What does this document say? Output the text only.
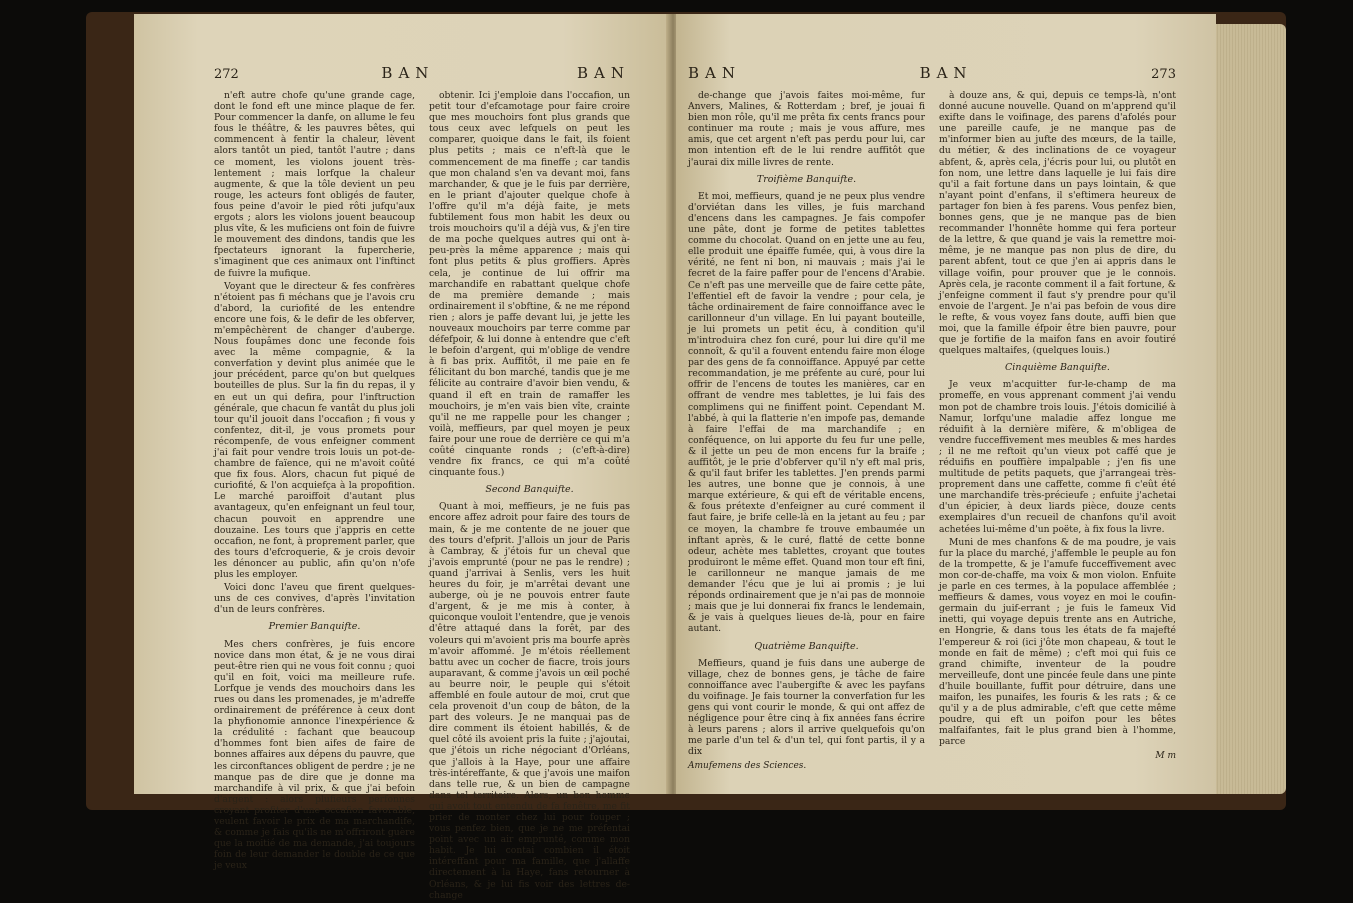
272	BAN	BAN

n'eft autre chofe qu'une grande cage, dont le fond eft une mince plaque de fer. Pour commencer la danfe, on allume le feu fous le théâtre, & les pauvres bêtes, qui commencent à fentir la chaleur, lèvent alors tantôt un pied, tantôt l'autre ; dans ce moment, les violons jouent très-lentement ; mais lorfque la chaleur augmente, & que la tôle devient un peu rouge, les acteurs font obligés de fauter, fous peine d'avoir le pied rôti jufqu'aux ergots ; alors les violons jouent beaucoup plus vîte, & les muficiens ont foin de fuivre le mouvement des dindons, tandis que les fpectateurs ignorant la fupercherie, s'imaginent que ces animaux ont l'inftinct de fuivre la mufique.

Voyant que le directeur & fes confrères n'étoient pas fi méchans que je l'avois cru d'abord, la curiofité de les entendre encore une fois, & le defir de les obferver, m'empêchèrent de changer d'auberge. Nous foupâmes donc une feconde fois avec la même compagnie, & la converfation y devint plus animée que le jour précédent, parce qu'on but quelques bouteilles de plus. Sur la fin du repas, il y en eut un qui defira, pour l'inftruction générale, que chacun fe vantât du plus joli tour qu'il jouoit dans l'occafion ; fi vous y confentez, dit-il, je vous promets pour récompenfe, de vous enfeigner comment j'ai fait pour vendre trois louis un pot-de-chambre de faïence, qui ne m'avoit coûté que fix fous. Alors, chacun fut piqué de curiofité, & l'on acquiefça à la propofition. Le marché paroiffoit d'autant plus avantageux, qu'en enfeignant un feul tour, chacun pouvoit en apprendre une douzaine. Les tours que j'appris en cette occafion, ne font, à proprement parler, que des tours d'efcroquerie, & je crois devoir les dénoncer au public, afin qu'on n'ofe plus les employer.

Voici donc l'aveu que firent quelques-uns de ces convives, d'après l'invitation d'un de leurs confrères.

Premier Banquifte.

Mes chers confrères, je fuis encore novice dans mon état, & je ne vous dirai peut-être rien qui ne vous foit connu ; quoi qu'il en foit, voici ma meilleure rufe. Lorfque je vends des mouchoirs dans les rues ou dans les promenades, je m'adreffe ordinairement de préférence à ceux dont la phyfionomie annonce l'inexpérience & la crédulité : fachant que beaucoup d'hommes font bien aifes de faire de bonnes affaires aux dépens du pauvre, que les circonftances obligent de perdre ; je ne manque pas de dire que je donne ma marchandife à vil prix, & que j'ai befoin d'argent : alors plufieurs perfonnes croyant profiter d'une occafion favorable, veulent favoir le prix de ma marchandife, & comme je fais qu'ils ne m'offriront guère que la moitié de ma demande, j'ai toujours foin de leur demander le double de ce que je veux

obtenir. Ici j'emploie dans l'occafion, un petit tour d'efcamotage pour faire croire que mes mouchoirs font plus grands que tous ceux avec lefquels on peut les comparer, quoique dans le fait, ils foient plus petits ; mais ce n'eft-là que le commencement de ma fineffe ; car tandis que mon chaland s'en va devant moi, fans marchander, & que je le fuis par derrière, en le priant d'ajouter quelque chofe à l'offre qu'il m'a déjà faite, je mets fubtilement fous mon habit les deux ou trois mouchoirs qu'il a déjà vus, & j'en tire de ma poche quelques autres qui ont à-peu-près la même apparence ; mais qui font plus petits & plus groffiers. Après cela, je continue de lui offrir ma marchandife en rabattant quelque chofe de ma première demande ; mais ordinairement il s'obftine, & ne me répond rien ; alors je paffe devant lui, je jette les nouveaux mouchoirs par terre comme par défefpoir, & lui donne à entendre que c'eft le befoin d'argent, qui m'oblige de vendre à fi bas prix. Auffitôt, il me paie en fe félicitant du bon marché, tandis que je me félicite au contraire d'avoir bien vendu, & quand il eft en train de ramaffer les mouchoirs, je m'en vais bien vîte, crainte qu'il ne me rappelle pour les changer ; voilà, meffieurs, par quel moyen je peux faire pour une roue de derrière ce qui m'a coûté cinquante ronds ; (c'eft-à-dire) vendre fix francs, ce qui m'a coûté cinquante fous.)

Second Banquifte.

Quant à moi, meffieurs, je ne fuis pas encore affez adroit pour faire des tours de main, & je me contente de ne jouer que des tours d'efprit. J'allois un jour de Paris à Cambray, & j'étois fur un cheval que j'avois emprunté (pour ne pas le rendre) ; quand j'arrivai à Senlis, vers les huit heures du foir, je m'arrêtai devant une auberge, où je ne pouvois entrer faute d'argent, & je me mis à conter, à quiconque vouloit l'entendre, que je venois d'être attaqué dans la forêt, par des voleurs qui m'avoient pris ma bourfe après m'avoir affommé. Je m'étois réellement battu avec un cocher de fiacre, trois jours auparavant, & comme j'avois un œil poché au beurre noir, le peuple qui s'étoit affemblé en foule autour de moi, crut que cela provenoit d'un coup de bâton, de la part des voleurs. Je ne manquai pas de dire comment ils étoient habillés, & de quel côté ils avoient pris la fuite ; j'ajoutai, que j'étois un riche négociant d'Orléans, que j'allois à la Haye, pour une affaire très-intéreffante, & que j'avois une maifon dans telle rue, & un bien de campagne dans tel territoire. Alors, un bon homme qui avoit tout entendu de fa fenêtre, me fit prier de monter chez lui pour fouper ; vous penfez bien, que je ne me préfentai point avec un air emprunté, comme mon habit. Je lui contai combien il étoit intéreffant pour ma famille, que j'allaffe directement à la Haye, fans retourner à Orléans, & je lui fis voir des lettres de-change

BAN	BAN	273

de-change que j'avois faites moi-même, fur Anvers, Malines, & Rotterdam ; bref, je jouai fi bien mon rôle, qu'il me prêta fix cents francs pour continuer ma route ; mais je vous affure, mes amis, que cet argent n'eft pas perdu pour lui, car mon intention eft de le lui rendre auffitôt que j'aurai dix mille livres de rente.

Troifième Banquifte.

Et moi, meffieurs, quand je ne peux plus vendre d'orviétan dans les villes, je fuis marchand d'encens dans les campagnes. Je fais compofer une pâte, dont je forme de petites tablettes comme du chocolat. Quand on en jette une au feu, elle produit une épaiffe fumée, qui, à vous dire la vérité, ne fent ni bon, ni mauvais ; mais j'ai le fecret de la faire paffer pour de l'encens d'Arabie. Ce n'eft pas une merveille que de faire cette pâte, l'effentiel eft de favoir la vendre ; pour cela, je tâche ordinairement de faire connoiffance avec le carillonneur d'un village. En lui payant bouteille, je lui promets un petit écu, à condition qu'il m'introduira chez fon curé, pour lui dire qu'il me connoît, & qu'il a fouvent entendu faire mon éloge par des gens de fa connoiffance. Appuyé par cette recommandation, je me préfente au curé, pour lui offrir de l'encens de toutes les manières, car en offrant de vendre mes tablettes, je lui fais des complimens qui ne finiffent point. Cependant M. l'abbé, à qui la flatterie n'en impofe pas, demande à faire l'effai de ma marchandife ; en conféquence, on lui apporte du feu fur une pelle, & il jette un peu de mon encens fur la braife ; auffitôt, je le prie d'obferver qu'il n'y eft mal pris, & qu'il faut brifer les tablettes. J'en prends parmi les autres, une bonne que je connois, à une marque extérieure, & qui eft de véritable encens, & fous prétexte d'enfeigner au curé comment il faut faire, je brife celle-là en la jetant au feu ; par ce moyen, la chambre fe trouve embaumée un inftant après, & le curé, flatté de cette bonne odeur, achète mes tablettes, croyant que toutes produiront le même effet. Quand mon tour eft fini, le carillonneur ne manque jamais de me demander l'écu que je lui ai promis ; je lui réponds ordinairement que je n'ai pas de monnoie ; mais que je lui donnerai fix francs le lendemain, & je vais à quelques lieues de-là, pour en faire autant.

Quatrième Banquifte.

Meffieurs, quand je fuis dans une auberge de village, chez de bonnes gens, je tâche de faire connoiffance avec l'aubergifte & avec les payfans du voifinage. Je fais tourner la converfation fur les gens qui vont courir le monde, & qui ont affez de négligence pour être cinq à fix années fans écrire à leurs parens ; alors il arrive quelquefois qu'on me parle d'un tel & d'un tel, qui font partis, il y a dix

Amufemens des Sciences.

à douze ans, & qui, depuis ce temps-là, n'ont donné aucune nouvelle. Quand on m'apprend qu'il exifte dans le voifinage, des parens d'afolés pour une pareille caufe, je ne manque pas de m'informer bien au jufte des mœurs, de la taille, du métier, & des inclinations de ce voyageur abfent, &, après cela, j'écris pour lui, ou plutôt en fon nom, une lettre dans laquelle je lui fais dire qu'il a fait fortune dans un pays lointain, & que n'ayant point d'enfans, il s'eftimera heureux de partager fon bien à fes parens. Vous penfez bien, bonnes gens, que je ne manque pas de bien recommander l'honnête homme qui fera porteur de la lettre, & que quand je vais la remettre moi-même, je ne manque pas non plus de dire, du parent abfent, tout ce que j'en ai appris dans le village voifin, pour prouver que je le connois. Après cela, je raconte comment il a fait fortune, & j'enfeigne comment il faut s'y prendre pour qu'il envoie de l'argent. Je n'ai pas befoin de vous dire le refte, & vous voyez fans doute, auffi bien que moi, que la famille éfpoir être bien pauvre, pour que je fortifie de la maifon fans en avoir foutiré quelques maltaifes, (quelques louis.)

Cinquième Banquifte.

Je veux m'acquitter fur-le-champ de ma promeffe, en vous apprenant comment j'ai vendu mon pot de chambre trois louis. J'étois domicilié à Namur, lorfqu'une maladie affez longue me réduifit à la dernière mifère, & m'obligea de vendre fucceffivement mes meubles & mes hardes ; il ne me reftoit qu'un vieux pot caffé que je réduifis en pouffière impalpable ; j'en fis une multitude de petits paquets, que j'arrangeai très-proprement dans une caffette, comme fi c'eût été une marchandife très-précieufe ; enfuite j'achetai d'un épicier, à deux liards pièce, douze cents exemplaires d'un recueil de chanfons qu'il avoit achetées lui-même d'un poëte, à fix fous la livre.

Muni de mes chanfons & de ma poudre, je vais fur la place du marché, j'affemble le peuple au fon de la trompette, & je l'amufe fucceffivement avec mon cor-de-chaffe, ma voix & mon violon. Enfuite je parle en ces termes, à la populace affemblée ; meffieurs & dames, vous voyez en moi le coufin-germain du juif-errant ; je fuis le fameux Vid inetti, qui voyage depuis trente ans en Autriche, en Hongrie, & dans tous les états de fa majefté l'empereur & roi (ici j'ôte mon chapeau, & tout le monde en fait de même) ; c'eft moi qui fuis ce grand chimifte, inventeur de la poudre merveilleufe, dont une pincée feule dans une pinte d'huile bouillante, fuffit pour détruire, dans une maifon, les punaifes, les fouris & les rats ; & ce qu'il y a de plus admirable, c'eft que cette même poudre, qui eft un poifon pour les bêtes malfaifantes, fait le plus grand bien à l'homme, parce

M m
